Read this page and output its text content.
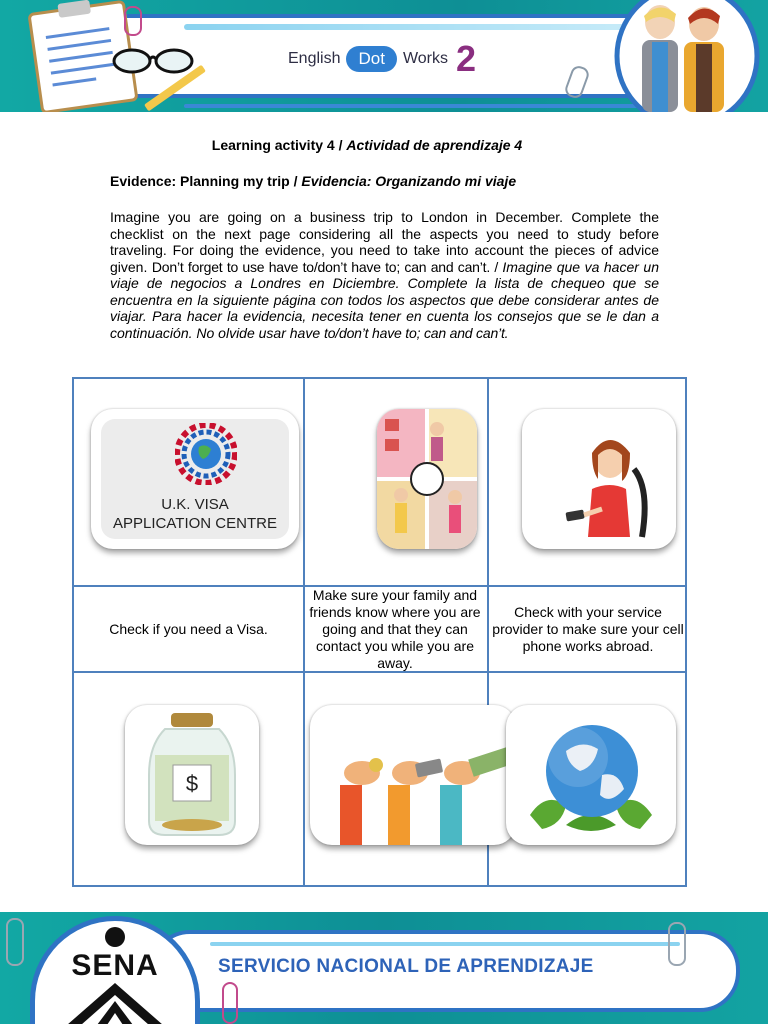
English	Dot	Works 2
Learning activity 4 / Actividad de aprendizaje 4
Evidence: Planning my trip / Evidencia: Organizando mi viaje
Imagine you are going on a business trip to London in December. Complete the checklist on the next page considering all the aspects you need to study before traveling. For doing the evidence, you need to take into account the pieces of advice given. Don’t forget to use have to/don’t have to; can and can’t. / Imagine que va hacer un viaje de negocios a Londres en Diciembre. Complete la lista de chequeo que se encuentra en la siguiente página con todos los aspectos que debe considerar antes de viajar. Para hacer la evidencia, necesita tener en cuenta los consejos que se le dan a continuación. No olvide usar have to/don’t have to; can and can’t.
U.K. VISA
APPLICATION CENTRE
Check if you need a Visa.
Make sure your family and friends know where you are going and that they can contact you while you are away.
Check with your service provider to make sure your cell phone works abroad.
$
SENA	SERVICIO NACIONAL DE APRENDIZAJE
